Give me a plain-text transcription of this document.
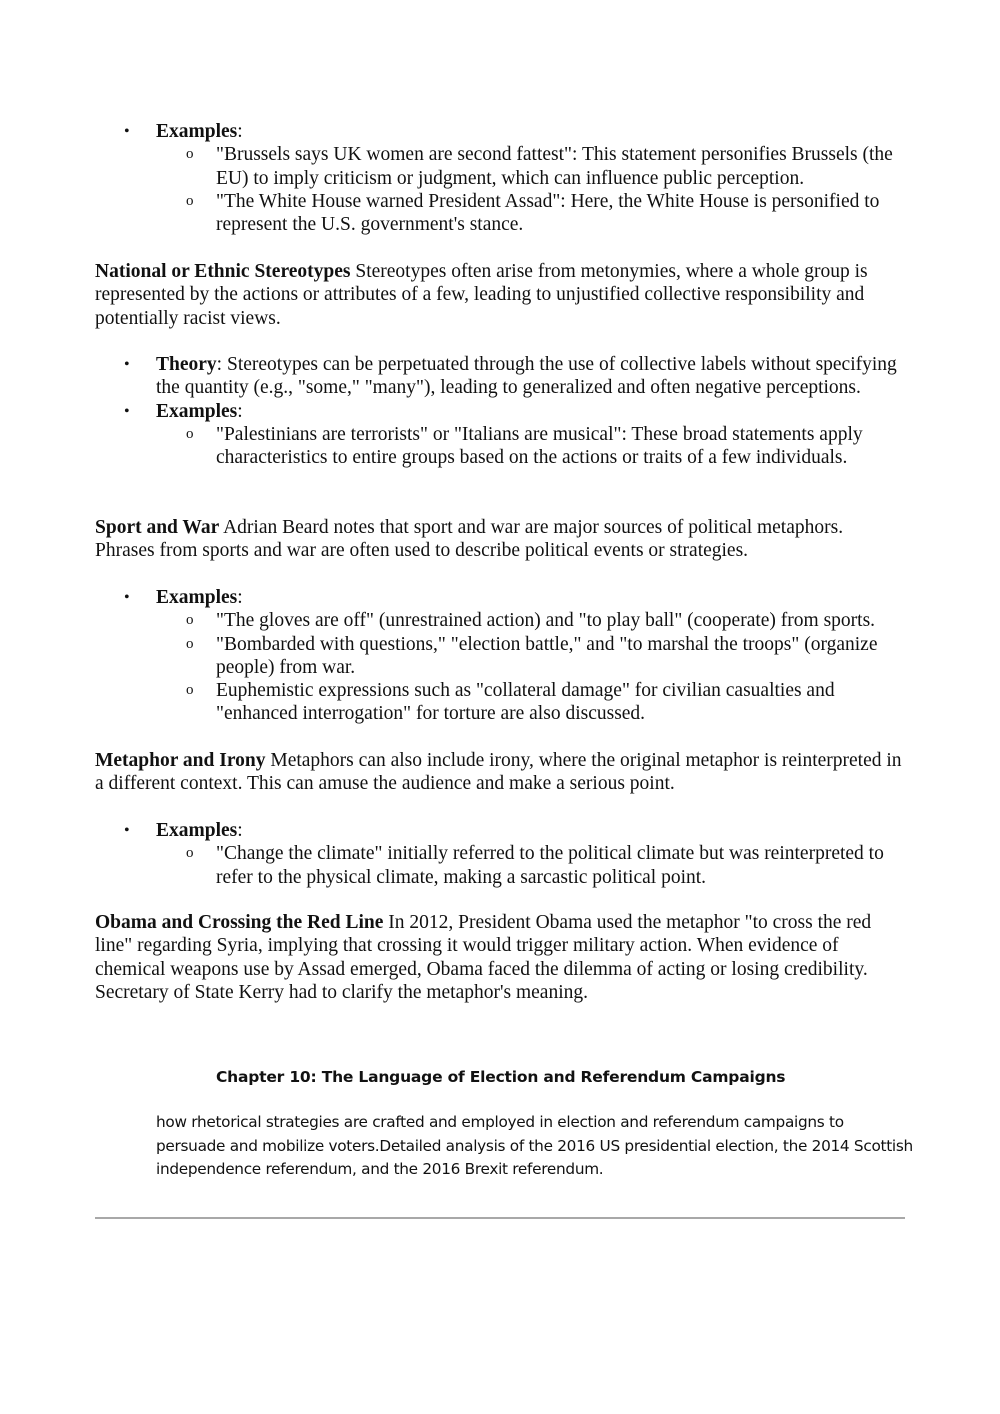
• Examples:
o "Brussels says UK women are second fattest": This statement personifies Brussels (the EU) to imply criticism or judgment, which can influence public perception.
o "The White House warned President Assad": Here, the White House is personified to represent the U.S. government's stance.

National or Ethnic Stereotypes Stereotypes often arise from metonymies, where a whole group is represented by the actions or attributes of a few, leading to unjustified collective responsibility and potentially racist views.

• Theory: Stereotypes can be perpetuated through the use of collective labels without specifying the quantity (e.g., "some," "many"), leading to generalized and often negative perceptions.
• Examples:
o "Palestinians are terrorists" or "Italians are musical": These broad statements apply characteristics to entire groups based on the actions or traits of a few individuals.

Sport and War Adrian Beard notes that sport and war are major sources of political metaphors. Phrases from sports and war are often used to describe political events or strategies.

• Examples:
o "The gloves are off" (unrestrained action) and "to play ball" (cooperate) from sports.
o "Bombarded with questions," "election battle," and "to marshal the troops" (organize people) from war.
o Euphemistic expressions such as "collateral damage" for civilian casualties and "enhanced interrogation" for torture are also discussed.

Metaphor and Irony Metaphors can also include irony, where the original metaphor is reinterpreted in a different context. This can amuse the audience and make a serious point.

• Examples:
o "Change the climate" initially referred to the political climate but was reinterpreted to refer to the physical climate, making a sarcastic political point.

Obama and Crossing the Red Line In 2012, President Obama used the metaphor "to cross the red line" regarding Syria, implying that crossing it would trigger military action. When evidence of chemical weapons use by Assad emerged, Obama faced the dilemma of acting or losing credibility. Secretary of State Kerry had to clarify the metaphor's meaning.

Chapter 10: The Language of Election and Referendum Campaigns
how rhetorical strategies are crafted and employed in election and referendum campaigns to persuade and mobilize voters.Detailed analysis of the 2016 US presidential election, the 2014 Scottish independence referendum, and the 2016 Brexit referendum.
